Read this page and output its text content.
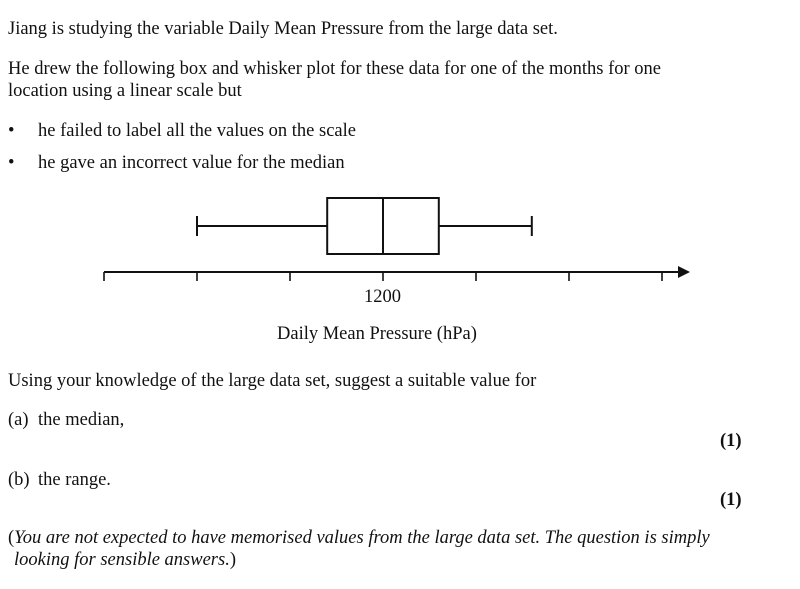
Jiang is studying the variable Daily Mean Pressure from the large data set.
He drew the following box and whisker plot for these data for one of the months for one
location using a linear scale but
• he failed to label all the values on the scale
• he gave an incorrect value for the median
1200
Daily Mean Pressure (hPa)
Using your knowledge of the large data set, suggest a suitable value for
(a) the median,
(1)
(b) the range.
(1)
(You are not expected to have memorised values from the large data set. The question is simply
looking for sensible answers.)
